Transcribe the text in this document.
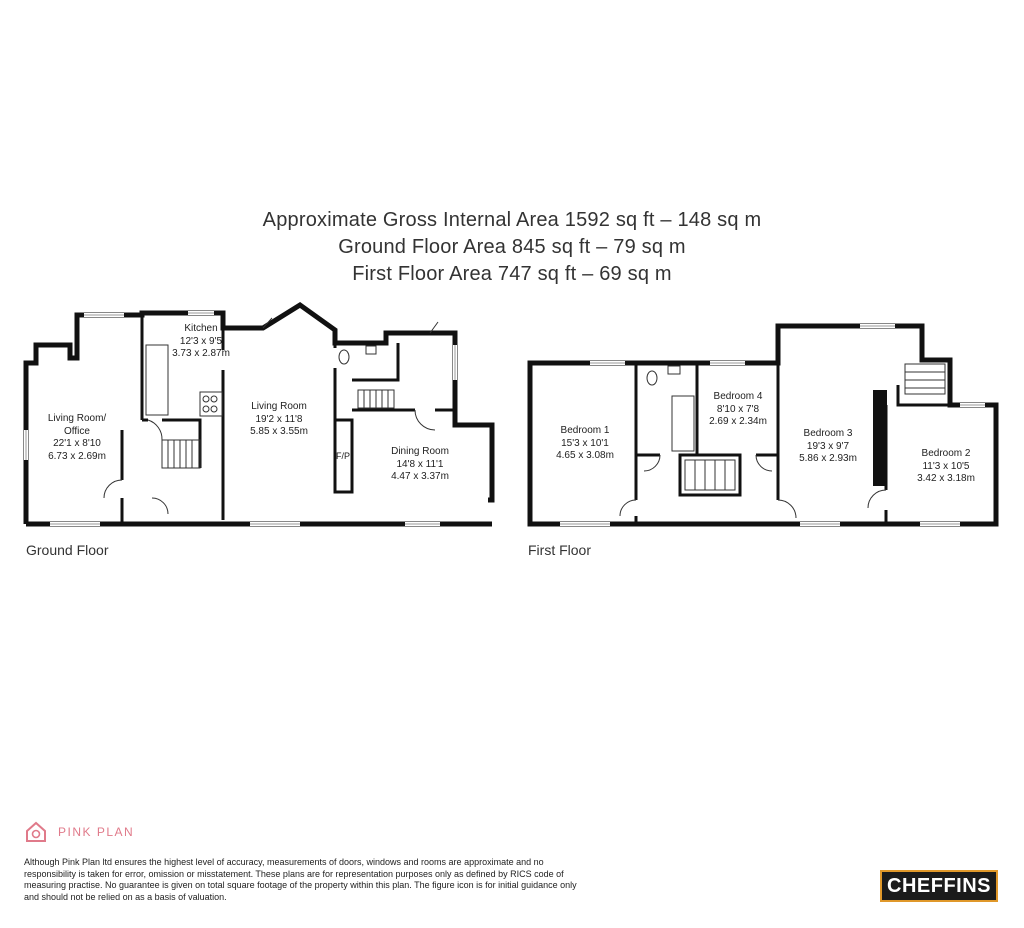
Approximate Gross Internal Area 1592 sq ft – 148 sq m
Ground Floor Area 845 sq ft – 79 sq m
First Floor Area 747 sq ft – 69 sq m
Living Room/
Office
22'1 x 8'10
6.73 x 2.69m
Kitchen
12'3 x 9'5
3.73 x 2.87m
Living Room
19'2 x 11'8
5.85 x 3.55m
Dining Room
14'8 x 11'1
4.47 x 3.37m
F/P
Ground Floor
Bedroom 1
15'3 x 10'1
4.65 x 3.08m
Bedroom 4
8'10 x 7'8
2.69 x 2.34m
Bedroom 3
19'3 x 9'7
5.86 x 2.93m	Bedroom 2
11'3 x 10'5
3.42 x 3.18m
First Floor
PINK PLAN
Although Pink Plan ltd ensures the highest level of accuracy, measurements of doors, windows and rooms are approximate and no responsibility is taken for error, omission or misstatement. These plans are for representation purposes only as defined by RICS code of measuring practise. No guarantee is given on total square footage of the property within this plan. The figure icon is for initial guidance only and should not be relied on as a basis of valuation.	CHEFFINS
